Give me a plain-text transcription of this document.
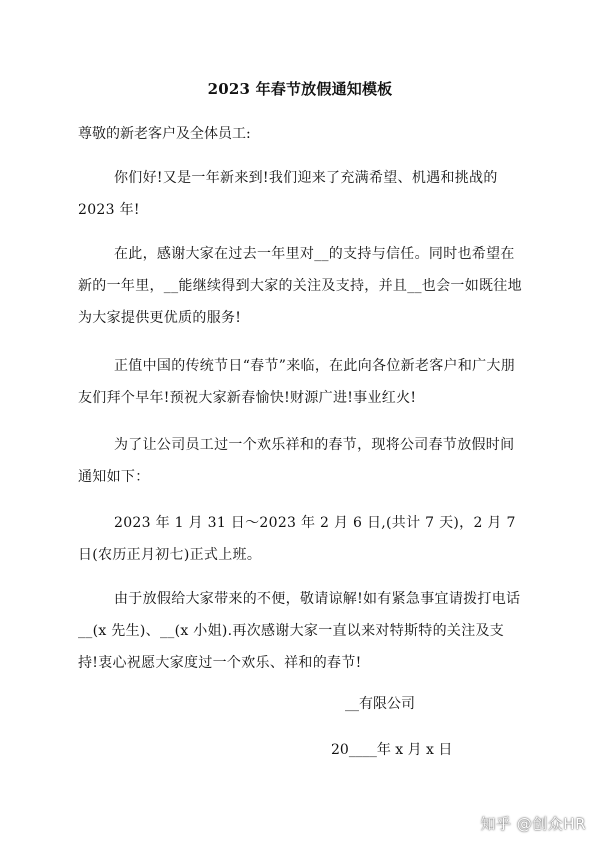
2023 年春节放假通知模板
尊敬的新老客户及全体员工:

你们好!又是一年新来到!我们迎来了充满希望、机遇和挑战的 2023 年!

在此，感谢大家在过去一年里对__的支持与信任。同时也希望在新的一年里，__能继续得到大家的关注及支持，并且__也会一如既往地为大家提供更优质的服务!

正值中国的传统节日“春节”来临，在此向各位新老客户和广大朋友们拜个早年!预祝大家新春愉快!财源广进!事业红火!

为了让公司员工过一个欢乐祥和的春节，现将公司春节放假时间通知如下：

2023 年 1 月 31 日～2023 年 2 月 6 日,(共计 7 天)，2 月 7 日(农历正月初七)正式上班。

由于放假给大家带来的不便，敬请谅解!如有紧急事宜请拨打电话__(x 先生)、__(x 小姐).再次感谢大家一直以来对特斯特的关注及支持!衷心祝愿大家度过一个欢乐、祥和的春节!

__有限公司
20____年 x 月 x 日
知乎 @创众HR
